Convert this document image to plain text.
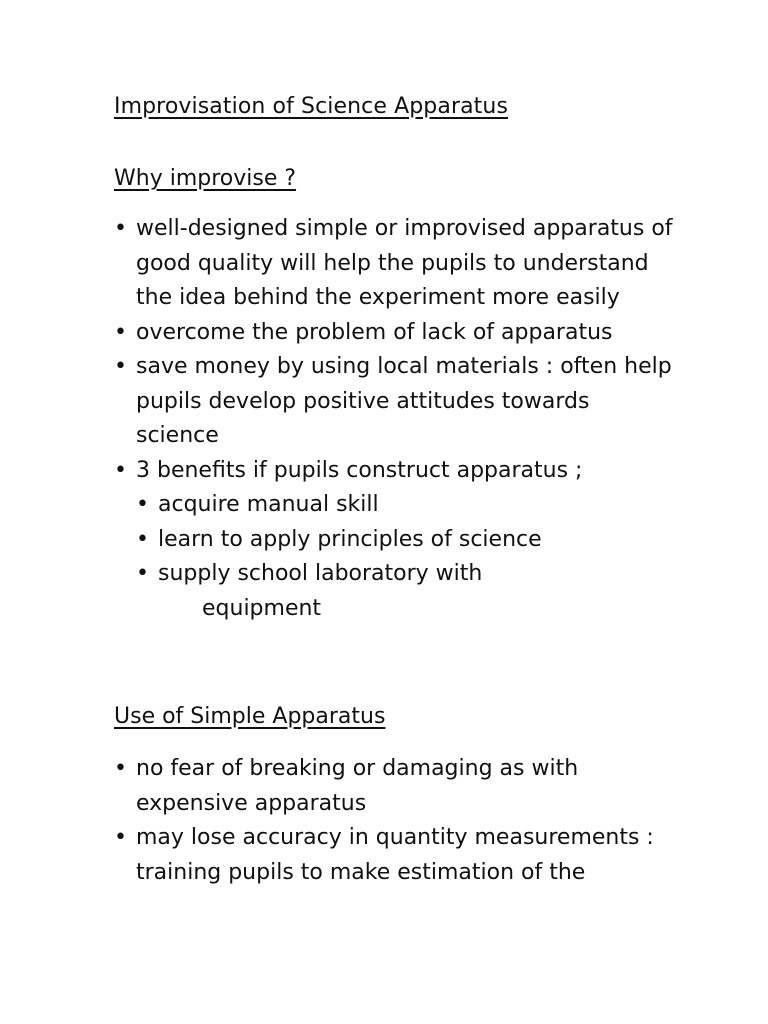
Improvisation of Science Apparatus
Why improvise ?
• well-designed simple or improvised apparatus of good quality will help the pupils to understand the idea behind the experiment more easily
• overcome the problem of lack of apparatus
• save money by using local materials : often help pupils develop positive attitudes towards science
• 3 benefits if pupils construct apparatus ;
• acquire manual skill
• learn to apply principles of science
• supply school laboratory with
equipment
Use of Simple Apparatus
• no fear of breaking or damaging as with expensive apparatus
• may lose accuracy in quantity measurements : training pupils to make estimation of the
